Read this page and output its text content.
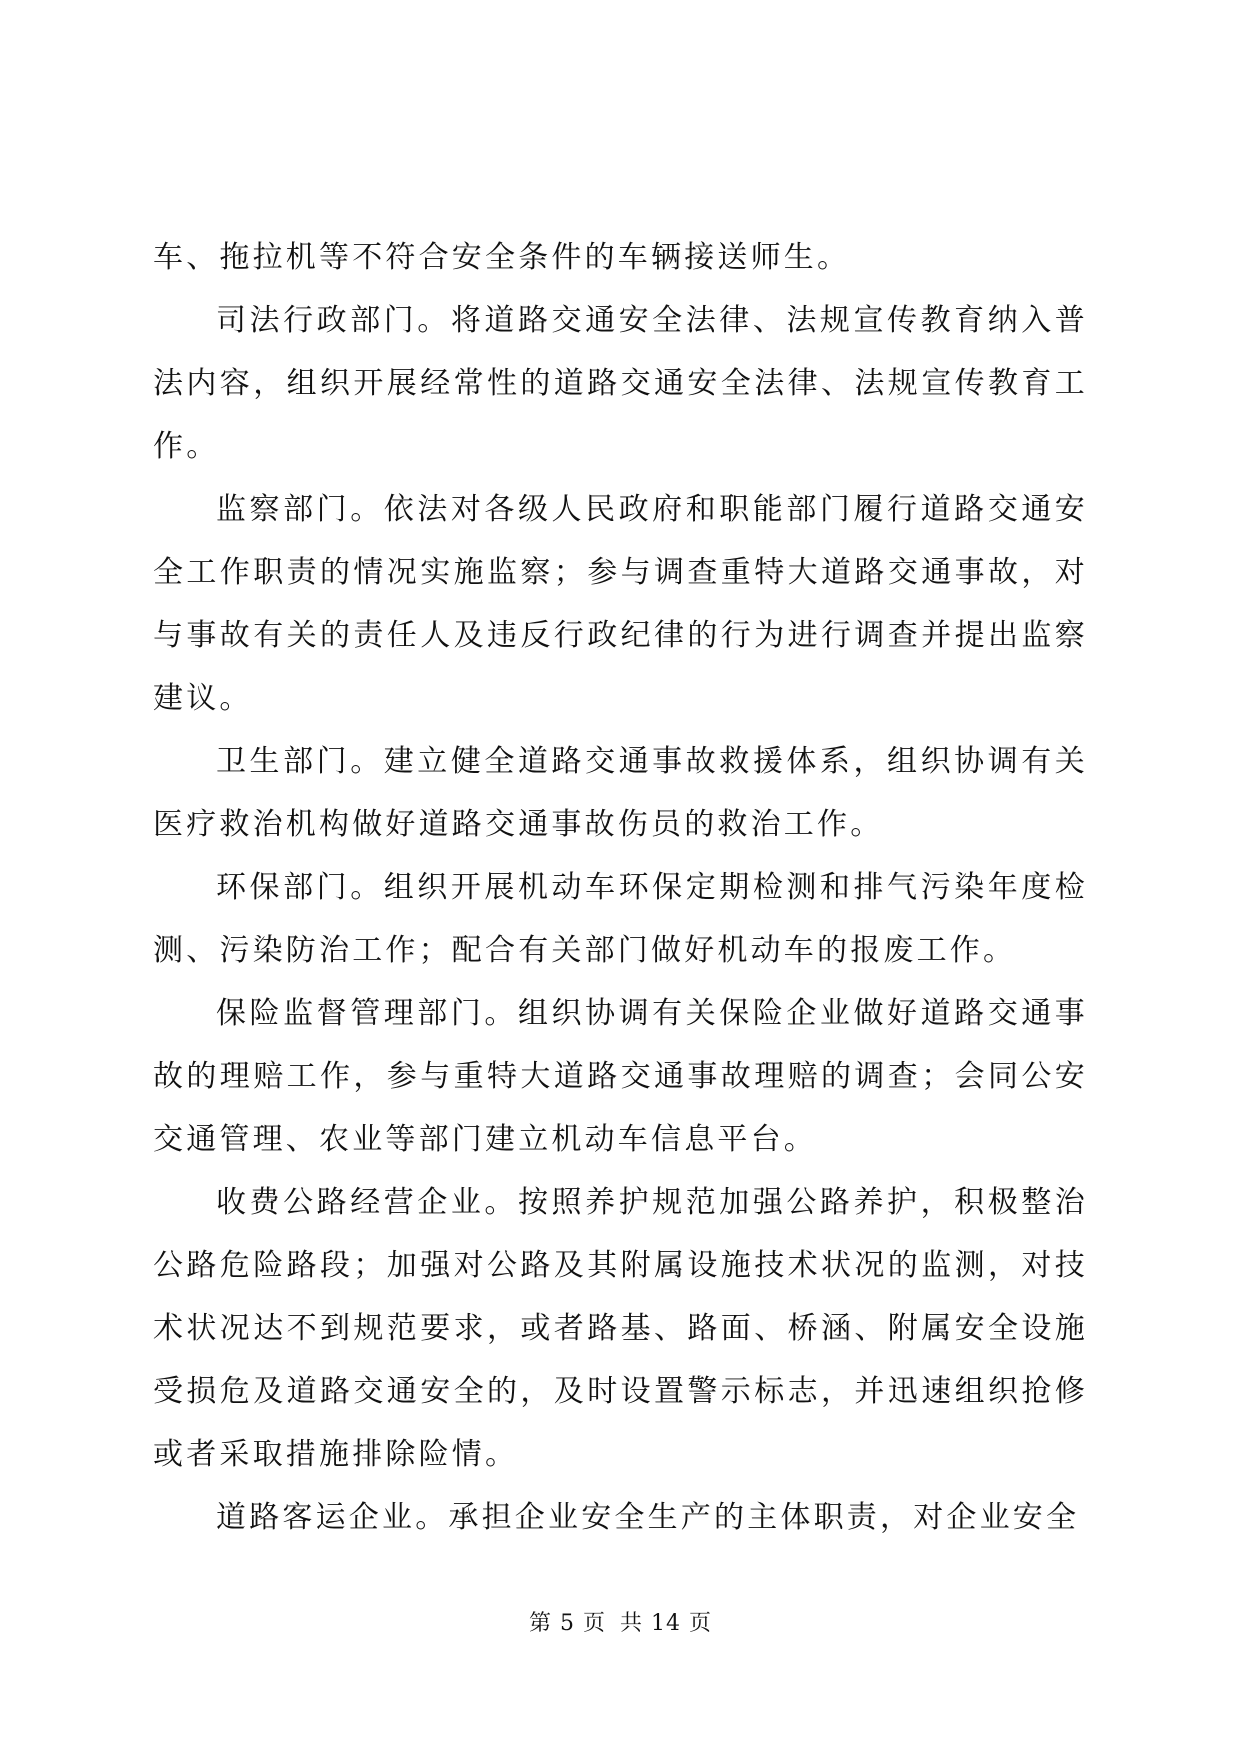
车、拖拉机等不符合安全条件的车辆接送师生。

司法行政部门。将道路交通安全法律、法规宣传教育纳入普法内容，组织开展经常性的道路交通安全法律、法规宣传教育工作。

监察部门。依法对各级人民政府和职能部门履行道路交通安全工作职责的情况实施监察；参与调查重特大道路交通事故，对与事故有关的责任人及违反行政纪律的行为进行调查并提出监察建议。

卫生部门。建立健全道路交通事故救援体系，组织协调有关医疗救治机构做好道路交通事故伤员的救治工作。

环保部门。组织开展机动车环保定期检测和排气污染年度检测、污染防治工作；配合有关部门做好机动车的报废工作。

保险监督管理部门。组织协调有关保险企业做好道路交通事故的理赔工作，参与重特大道路交通事故理赔的调查；会同公安交通管理、农业等部门建立机动车信息平台。

收费公路经营企业。按照养护规范加强公路养护，积极整治公路危险路段；加强对公路及其附属设施技术状况的监测，对技术状况达不到规范要求，或者路基、路面、桥涵、附属安全设施受损危及道路交通安全的，及时设置警示标志，并迅速组织抢修或者采取措施排除险情。

道路客运企业。承担企业安全生产的主体职责，对企业安全

第 5 页 共 14 页
